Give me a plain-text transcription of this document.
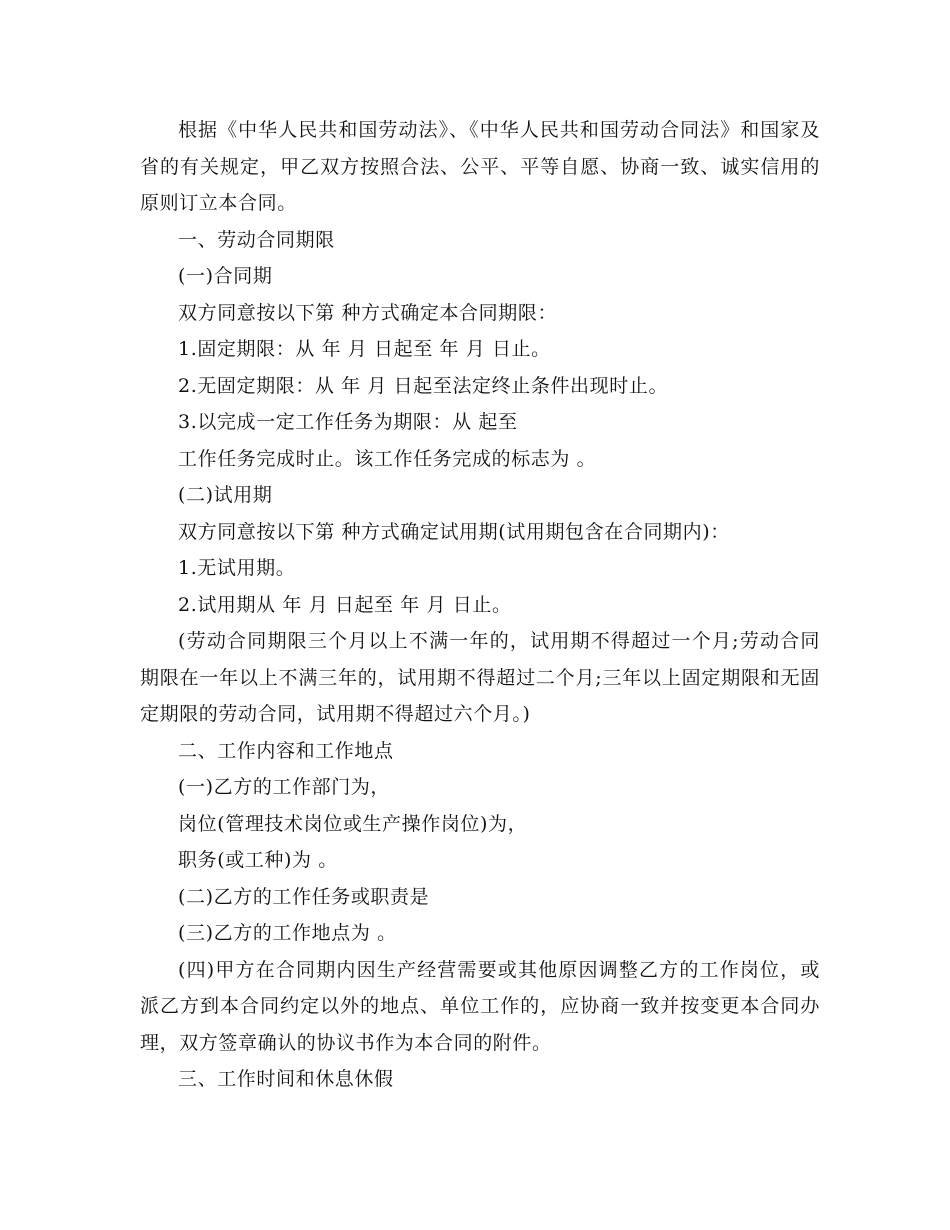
根据《中华人民共和国劳动法》、《中华人民共和国劳动合同法》和国家及省的有关规定，甲乙双方按照合法、公平、平等自愿、协商一致、诚实信用的原则订立本合同。

一、劳动合同期限

(一)合同期

双方同意按以下第 种方式确定本合同期限：

1.固定期限：从 年 月 日起至 年 月 日止。

2.无固定期限：从 年 月 日起至法定终止条件出现时止。

3.以完成一定工作任务为期限：从 起至

工作任务完成时止。该工作任务完成的标志为 。

(二)试用期

双方同意按以下第 种方式确定试用期(试用期包含在合同期内)：

1.无试用期。

2.试用期从 年 月 日起至 年 月 日止。

(劳动合同期限三个月以上不满一年的，试用期不得超过一个月;劳动合同期限在一年以上不满三年的，试用期不得超过二个月;三年以上固定期限和无固定期限的劳动合同，试用期不得超过六个月。)

二、工作内容和工作地点

(一)乙方的工作部门为，

岗位(管理技术岗位或生产操作岗位)为，

职务(或工种)为 。

(二)乙方的工作任务或职责是

(三)乙方的工作地点为 。

(四)甲方在合同期内因生产经营需要或其他原因调整乙方的工作岗位，或派乙方到本合同约定以外的地点、单位工作的，应协商一致并按变更本合同办理，双方签章确认的协议书作为本合同的附件。

三、工作时间和休息休假
